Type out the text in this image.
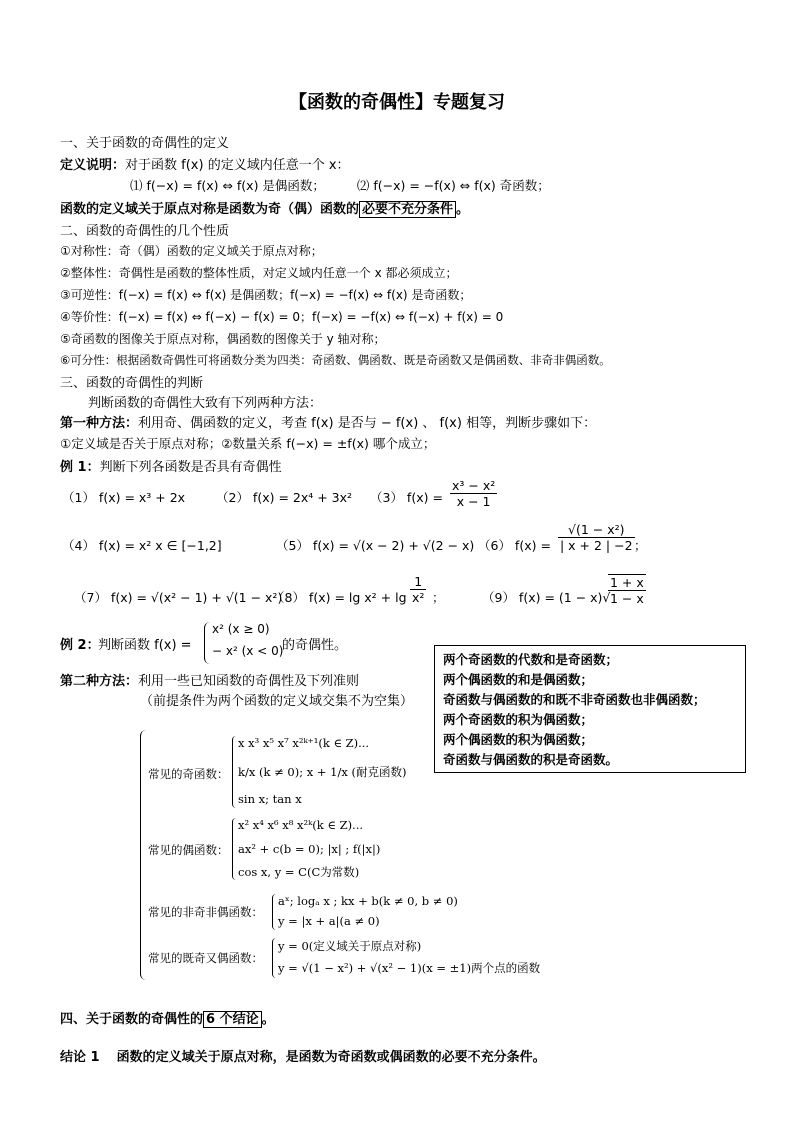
【函数的奇偶性】专题复习
一、关于函数的奇偶性的定义
定义说明：对于函数 f(x) 的定义域内任意一个 x：
⑴ f(−x) = f(x) ⇔ f(x) 是偶函数；	⑵ f(−x) = −f(x) ⇔ f(x) 奇函数；
函数的定义域关于原点对称是函数为奇（偶）函数的 必要不充分条件 。
二、函数的奇偶性的几个性质
①对称性：奇（偶）函数的定义域关于原点对称；
②整体性：奇偶性是函数的整体性质，对定义域内任意一个 x 都必须成立；
③可逆性：f(−x) = f(x) ⇔ f(x) 是偶函数；f(−x) = −f(x) ⇔ f(x) 是奇函数；
④等价性：f(−x) = f(x) ⇔ f(−x) − f(x) = 0；f(−x) = −f(x) ⇔ f(−x) + f(x) = 0
⑤奇函数的图像关于原点对称，偶函数的图像关于 y 轴对称；
⑥可分性：根据函数奇偶性可将函数分类为四类：奇函数、偶函数、既是奇函数又是偶函数、非奇非偶函数。
三、函数的奇偶性的判断
判断函数的奇偶性大致有下列两种方法：
第一种方法：利用奇、偶函数的定义，考查 f(x) 是否与 − f(x) 、 f(x) 相等，判断步骤如下：
①定义域是否关于原点对称；②数量关系 f(−x) = ±f(x) 哪个成立；
例 1：判断下列各函数是否具有奇偶性
（1） f(x) = x³ + 2x （2） f(x) = 2x⁴ + 3x² （3） $f(x) = \frac{\text{x³ − x²}}{x - 1}$
（4） f(x) = x² x ∈ [−1,2]	（5） f(x) = √(x − 2) + √(2 − x) （6） $f(x) = \frac{\text{√(1 − x²)}}{| x + 2 | -2}$ ；
（7） f(x) = √(x² − 1) + √(1 − x²)
（8） $f(x) = \lg x^2 + \lg \frac{1}{\text{x²}}$ ；	（9） f(x) = (1 − x)√
$\frac{1 + x}{1 - x}$
例 2：
判断函数 f(x) =
x² (x ≥ 0)
− x² (x < 0)
的奇偶性。
第二种方法：利用一些已知函数的奇偶性及下列准则
（前提条件为两个函数的定义域交集不为空集）
两个奇函数的代数和是奇函数；
两个偶函数的和是偶函数；
奇函数与偶函数的和既不非奇函数也非偶函数；
两个奇函数的积为偶函数；
两个偶函数的积为偶函数；
奇函数与偶函数的积是奇函数。
常见的奇函数：
x x³ x⁵ x⁷ x²ᵏ⁺¹(k ∈ Z)...
k/x (k ≠ 0); x + 1/x (耐克函数)
sin x; tan x
常见的偶函数：
x² x⁴ x⁶ x⁸ x²ᵏ(k ∈ Z)...
ax² + c(b = 0); |x| ; f(|x|)
cos x, y = C(C为常数)
常见的非奇非偶函数：
aˣ; logₐ x ; kx + b(k ≠ 0, b ≠ 0)
y = |x + a|(a ≠ 0)
常见的既奇又偶函数：
y = 0(定义域关于原点对称)
y = √(1 − x²) + √(x² − 1)(x = ±1)两个点的函数
四、关于函数的奇偶性的 6 个结论 。
结论 1 函数的定义域关于原点对称，是函数为奇函数或偶函数的必要不充分条件。
